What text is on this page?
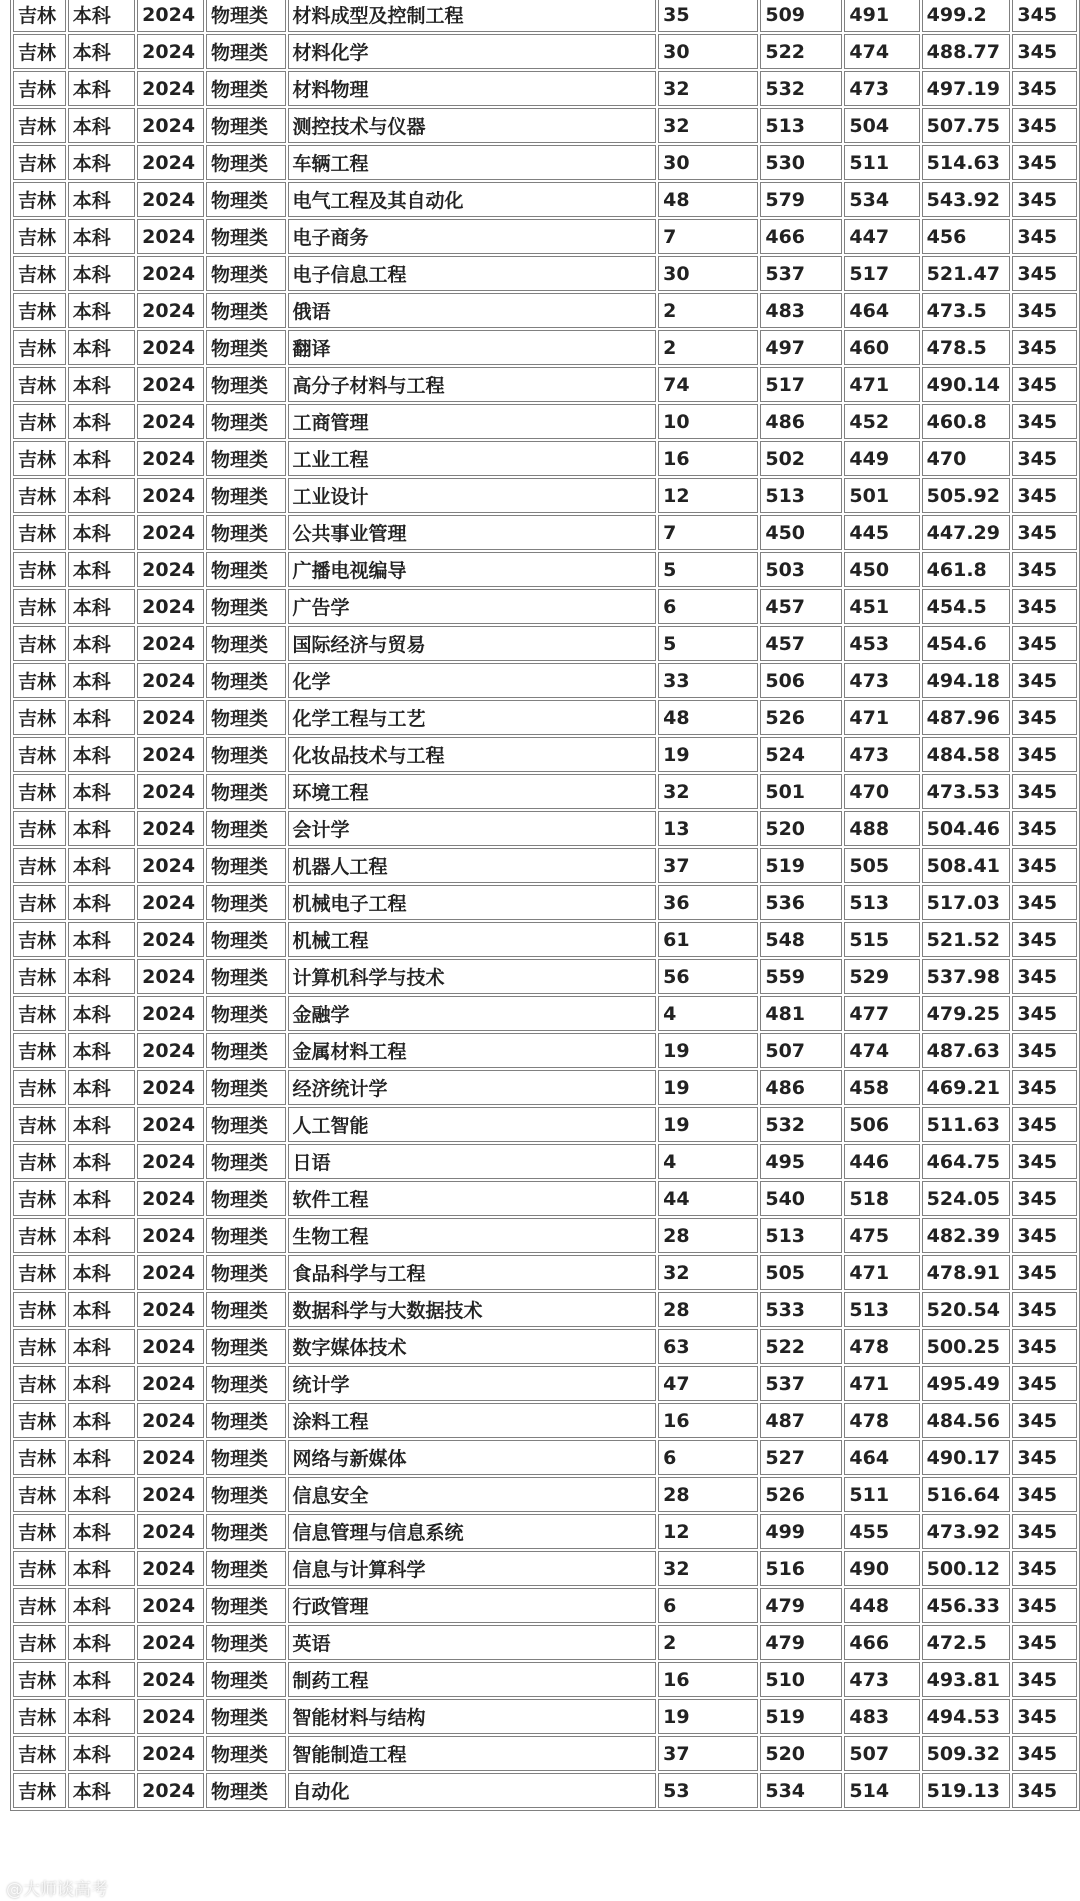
吉林	本科	2024	物理类	材料成型及控制工程	35	509	491	499.2	345
吉林	本科	2024	物理类	材料化学	30	522	474	488.77	345
吉林	本科	2024	物理类	材料物理	32	532	473	497.19	345
吉林	本科	2024	物理类	测控技术与仪器	32	513	504	507.75	345
吉林	本科	2024	物理类	车辆工程	30	530	511	514.63	345
吉林	本科	2024	物理类	电气工程及其自动化	48	579	534	543.92	345
吉林	本科	2024	物理类	电子商务	7	466	447	456	345
吉林	本科	2024	物理类	电子信息工程	30	537	517	521.47	345
吉林	本科	2024	物理类	俄语	2	483	464	473.5	345
吉林	本科	2024	物理类	翻译	2	497	460	478.5	345
吉林	本科	2024	物理类	高分子材料与工程	74	517	471	490.14	345
吉林	本科	2024	物理类	工商管理	10	486	452	460.8	345
吉林	本科	2024	物理类	工业工程	16	502	449	470	345
吉林	本科	2024	物理类	工业设计	12	513	501	505.92	345
吉林	本科	2024	物理类	公共事业管理	7	450	445	447.29	345
吉林	本科	2024	物理类	广播电视编导	5	503	450	461.8	345
吉林	本科	2024	物理类	广告学	6	457	451	454.5	345
吉林	本科	2024	物理类	国际经济与贸易	5	457	453	454.6	345
吉林	本科	2024	物理类	化学	33	506	473	494.18	345
吉林	本科	2024	物理类	化学工程与工艺	48	526	471	487.96	345
吉林	本科	2024	物理类	化妆品技术与工程	19	524	473	484.58	345
吉林	本科	2024	物理类	环境工程	32	501	470	473.53	345
吉林	本科	2024	物理类	会计学	13	520	488	504.46	345
吉林	本科	2024	物理类	机器人工程	37	519	505	508.41	345
吉林	本科	2024	物理类	机械电子工程	36	536	513	517.03	345
吉林	本科	2024	物理类	机械工程	61	548	515	521.52	345
吉林	本科	2024	物理类	计算机科学与技术	56	559	529	537.98	345
吉林	本科	2024	物理类	金融学	4	481	477	479.25	345
吉林	本科	2024	物理类	金属材料工程	19	507	474	487.63	345
吉林	本科	2024	物理类	经济统计学	19	486	458	469.21	345
吉林	本科	2024	物理类	人工智能	19	532	506	511.63	345
吉林	本科	2024	物理类	日语	4	495	446	464.75	345
吉林	本科	2024	物理类	软件工程	44	540	518	524.05	345
吉林	本科	2024	物理类	生物工程	28	513	475	482.39	345
吉林	本科	2024	物理类	食品科学与工程	32	505	471	478.91	345
吉林	本科	2024	物理类	数据科学与大数据技术	28	533	513	520.54	345
吉林	本科	2024	物理类	数字媒体技术	63	522	478	500.25	345
吉林	本科	2024	物理类	统计学	47	537	471	495.49	345
吉林	本科	2024	物理类	涂料工程	16	487	478	484.56	345
吉林	本科	2024	物理类	网络与新媒体	6	527	464	490.17	345
吉林	本科	2024	物理类	信息安全	28	526	511	516.64	345
吉林	本科	2024	物理类	信息管理与信息系统	12	499	455	473.92	345
吉林	本科	2024	物理类	信息与计算科学	32	516	490	500.12	345
吉林	本科	2024	物理类	行政管理	6	479	448	456.33	345
吉林	本科	2024	物理类	英语	2	479	466	472.5	345
吉林	本科	2024	物理类	制药工程	16	510	473	493.81	345
吉林	本科	2024	物理类	智能材料与结构	19	519	483	494.53	345
吉林	本科	2024	物理类	智能制造工程	37	520	507	509.32	345
吉林	本科	2024	物理类	自动化	53	534	514	519.13	345
@大师谈高考
